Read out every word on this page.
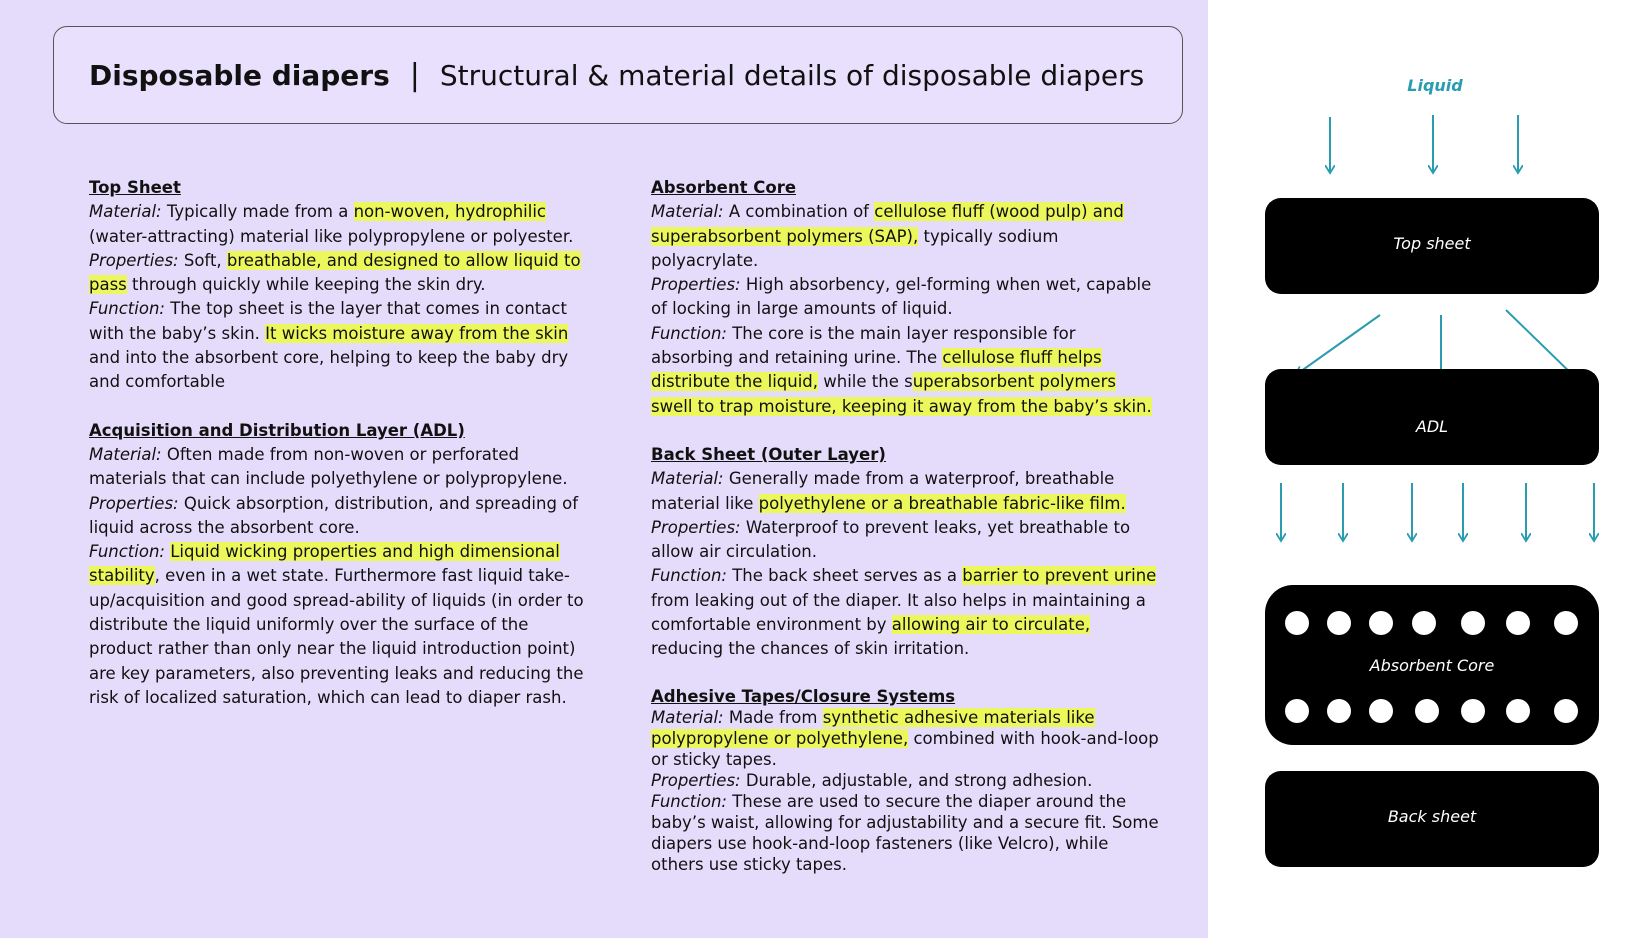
Disposable diapers | Structural & material details of disposable diapers
Top Sheet
Material: Typically made from a non-woven, hydrophilic (water-attracting) material like polypropylene or polyester.
Properties: Soft, breathable, and designed to allow liquid to pass through quickly while keeping the skin dry.
Function: The top sheet is the layer that comes in contact with the baby’s skin. It wicks moisture away from the skin and into the absorbent core, helping to keep the baby dry and comfortable
Acquisition and Distribution Layer (ADL)
Material: Often made from non-woven or perforated materials that can include polyethylene or polypropylene.
Properties: Quick absorption, distribution, and spreading of liquid across the absorbent core.
Function: Liquid wicking properties and high dimensional stability, even in a wet state. Furthermore fast liquid take-up/acquisition and good spread-ability of liquids (in order to distribute the liquid uniformly over the surface of the product rather than only near the liquid introduction point) are key parameters, also preventing leaks and reducing the risk of localized saturation, which can lead to diaper rash.
Absorbent Core
Material: A combination of cellulose fluff (wood pulp) and superabsorbent polymers (SAP), typically sodium polyacrylate.
Properties: High absorbency, gel-forming when wet, capable of locking in large amounts of liquid.
Function: The core is the main layer responsible for absorbing and retaining urine. The cellulose fluff helps distribute the liquid, while the superabsorbent polymers swell to trap moisture, keeping it away from the baby’s skin.
Back Sheet (Outer Layer)
Material: Generally made from a waterproof, breathable material like polyethylene or a breathable fabric-like film.
Properties: Waterproof to prevent leaks, yet breathable to allow air circulation.
Function: The back sheet serves as a barrier to prevent urine from leaking out of the diaper. It also helps in maintaining a comfortable environment by allowing air to circulate, reducing the chances of skin irritation.
Adhesive Tapes/Closure Systems
Material: Made from synthetic adhesive materials like polypropylene or polyethylene, combined with hook-and-loop or sticky tapes.
Properties: Durable, adjustable, and strong adhesion.
Function: These are used to secure the diaper around the baby’s waist, allowing for adjustability and a secure fit. Some diapers use hook-and-loop fasteners (like Velcro), while others use sticky tapes.
Liquid
Top sheet
ADL
Absorbent Core
Back sheet
